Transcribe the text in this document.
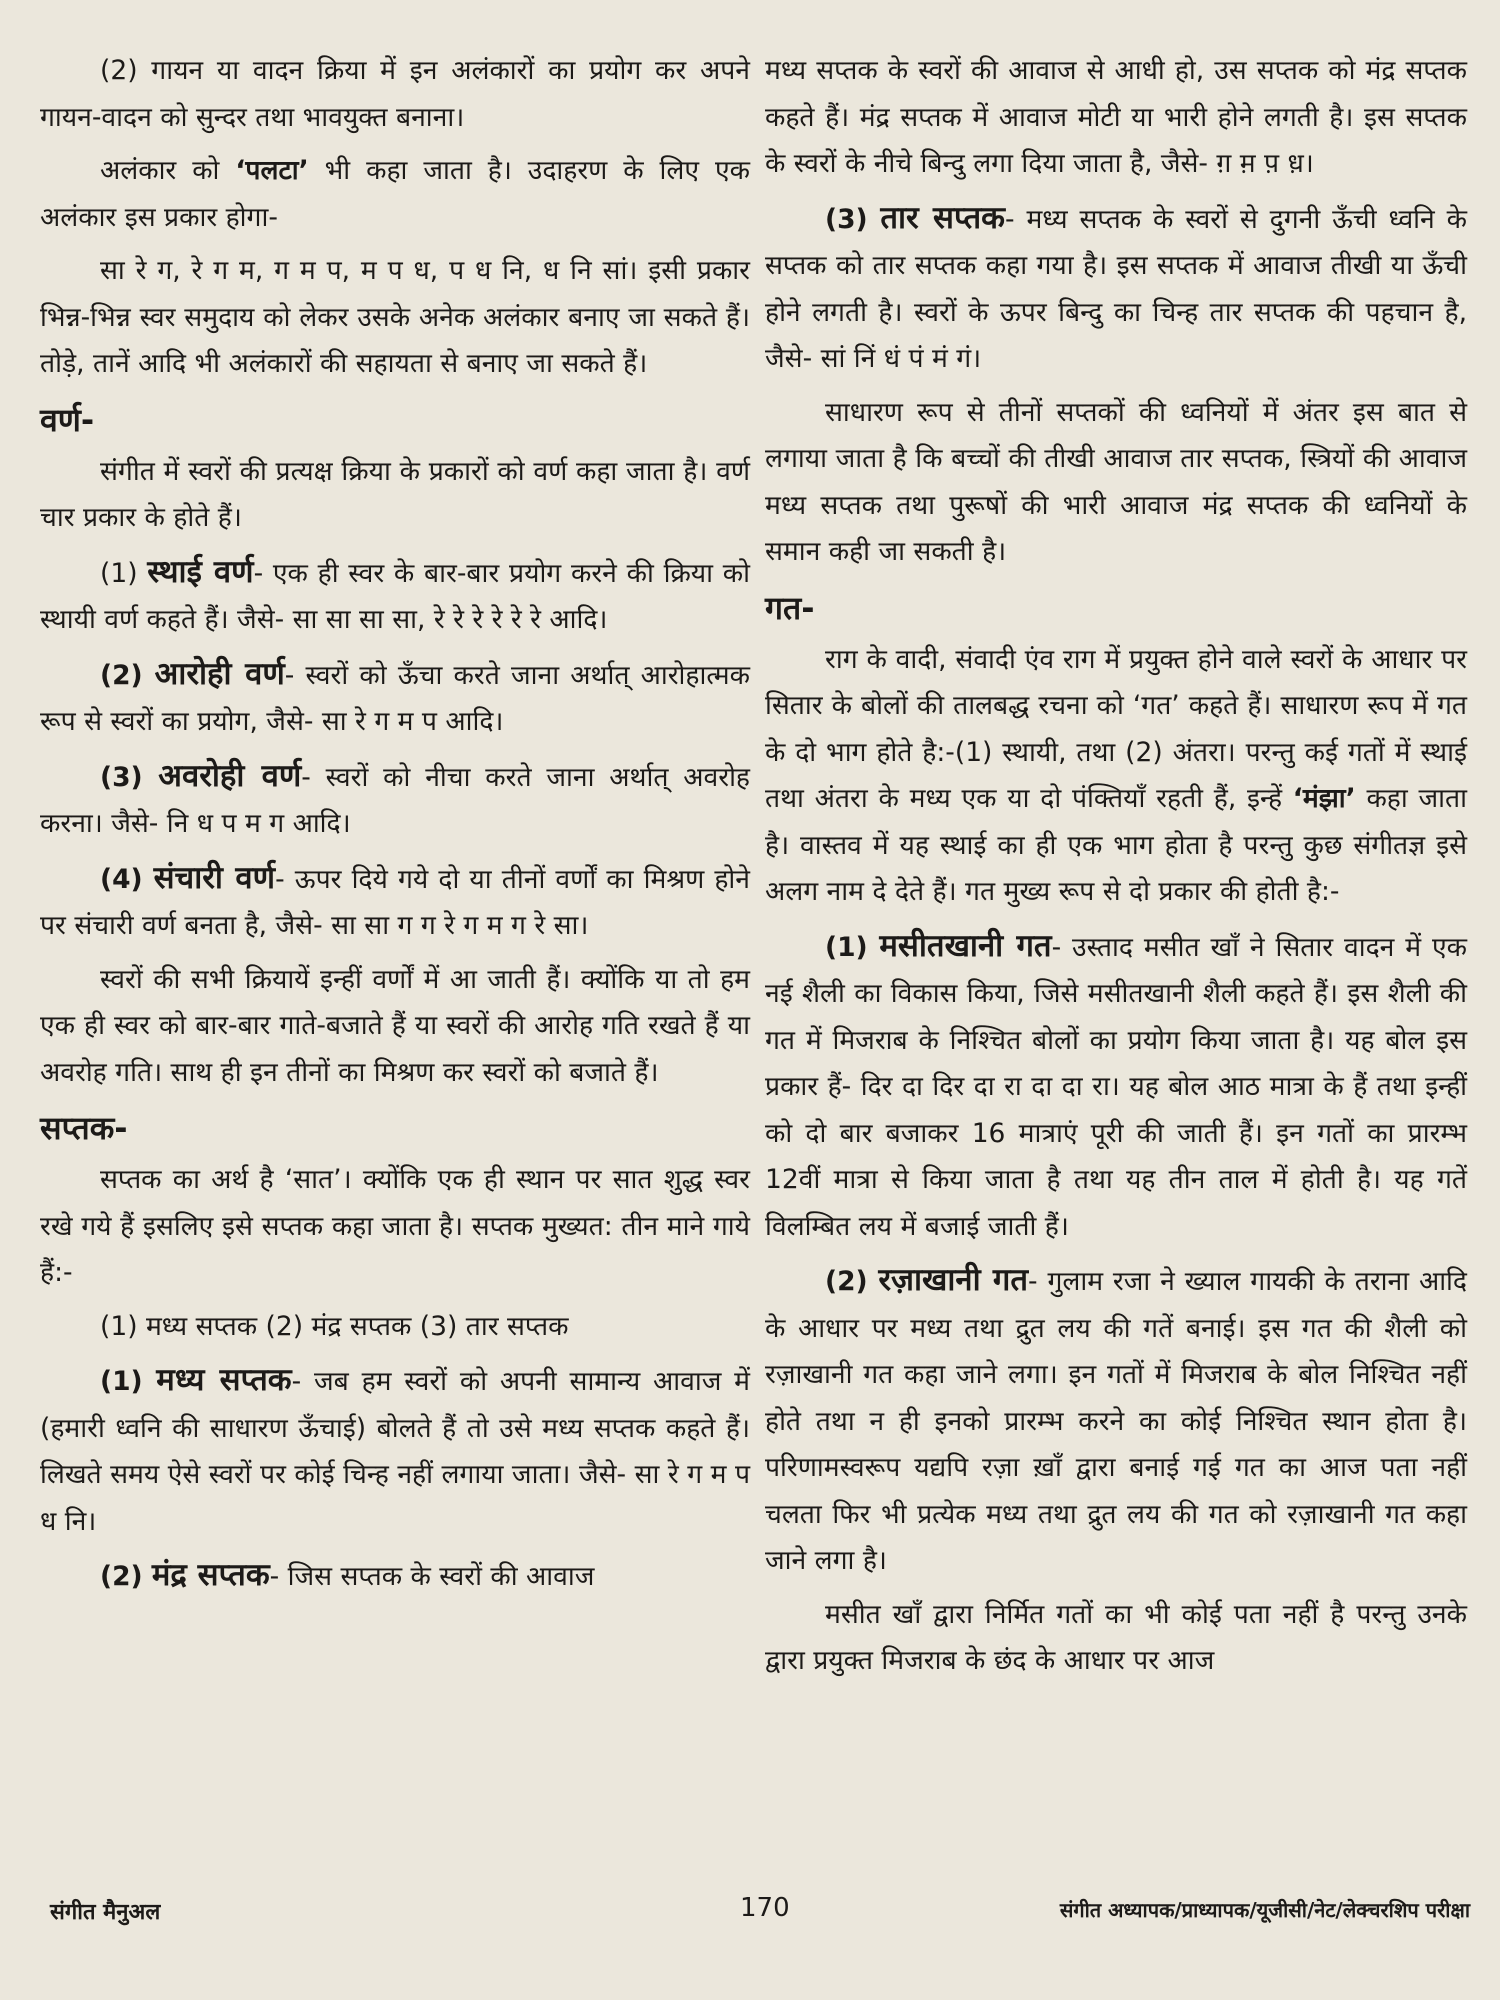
(2) गायन या वादन क्रिया में इन अलंकारों का प्रयोग कर अपने गायन-वादन को सुन्दर तथा भावयुक्त बनाना।

अलंकार को ‘पलटा’ भी कहा जाता है। उदाहरण के लिए एक अलंकार इस प्रकार होगा-

सा रे ग, रे ग म, ग म प, म प ध, प ध नि, ध नि सां। इसी प्रकार भिन्न-भिन्न स्वर समुदाय को लेकर उसके अनेक अलंकार बनाए जा सकते हैं। तोड़े, तानें आदि भी अलंकारों की सहायता से बनाए जा सकते हैं।

वर्ण-

संगीत में स्वरों की प्रत्यक्ष क्रिया के प्रकारों को वर्ण कहा जाता है। वर्ण चार प्रकार के होते हैं।

(1) स्थाई वर्ण- एक ही स्वर के बार-बार प्रयोग करने की क्रिया को स्थायी वर्ण कहते हैं। जैसे- सा सा सा सा, रे रे रे रे रे रे आदि।

(2) आरोही वर्ण- स्वरों को ऊँचा करते जाना अर्थात् आरोहात्मक रूप से स्वरों का प्रयोग, जैसे- सा रे ग म प आदि।

(3) अवरोही वर्ण- स्वरों को नीचा करते जाना अर्थात् अवरोह करना। जैसे- नि ध प म ग आदि।

(4) संचारी वर्ण- ऊपर दिये गये दो या तीनों वर्णों का मिश्रण होने पर संचारी वर्ण बनता है, जैसे- सा सा ग ग रे ग म ग रे सा।

स्वरों की सभी क्रियायें इन्हीं वर्णों में आ जाती हैं। क्योंकि या तो हम एक ही स्वर को बार-बार गाते-बजाते हैं या स्वरों की आरोह गति रखते हैं या अवरोह गति। साथ ही इन तीनों का मिश्रण कर स्वरों को बजाते हैं।

सप्तक-

सप्तक का अर्थ है ‘सात’। क्योंकि एक ही स्थान पर सात शुद्ध स्वर रखे गये हैं इसलिए इसे सप्तक कहा जाता है। सप्तक मुख्यत: तीन माने गाये हैं:-

(1) मध्य सप्तक (2) मंद्र सप्तक (3) तार सप्तक

(1) मध्य सप्तक- जब हम स्वरों को अपनी सामान्य आवाज में (हमारी ध्वनि की साधारण ऊँचाई) बोलते हैं तो उसे मध्य सप्तक कहते हैं। लिखते समय ऐसे स्वरों पर कोई चिन्ह नहीं लगाया जाता। जैसे- सा रे ग म प ध नि।

(2) मंद्र सप्तक- जिस सप्तक के स्वरों की आवाज

मध्य सप्तक के स्वरों की आवाज से आधी हो, उस सप्तक को मंद्र सप्तक कहते हैं। मंद्र सप्तक में आवाज मोटी या भारी होने लगती है। इस सप्तक के स्वरों के नीचे बिन्दु लगा दिया जाता है, जैसे- ग़ म़ प़ ध़।

(3) तार सप्तक- मध्य सप्तक के स्वरों से दुगनी ऊँची ध्वनि के सप्तक को तार सप्तक कहा गया है। इस सप्तक में आवाज तीखी या ऊँची होने लगती है। स्वरों के ऊपर बिन्दु का चिन्ह तार सप्तक की पहचान है, जैसे- सां निं धं पं मं गं।

साधारण रूप से तीनों सप्तकों की ध्वनियों में अंतर इस बात से लगाया जाता है कि बच्चों की तीखी आवाज तार सप्तक, स्त्रियों की आवाज मध्य सप्तक तथा पुरूषों की भारी आवाज मंद्र सप्तक की ध्वनियों के समान कही जा सकती है।

गत-

राग के वादी, संवादी एंव राग में प्रयुक्त होने वाले स्वरों के आधार पर सितार के बोलों की तालबद्ध रचना को ‘गत’ कहते हैं। साधारण रूप में गत के दो भाग होते है:-(1) स्थायी, तथा (2) अंतरा। परन्तु कई गतों में स्थाई तथा अंतरा के मध्य एक या दो पंक्तियाँ रहती हैं, इन्हें ‘मंझा’ कहा जाता है। वास्तव में यह स्थाई का ही एक भाग होता है परन्तु कुछ संगीतज्ञ इसे अलग नाम दे देते हैं। गत मुख्य रूप से दो प्रकार की होती है:-

(1) मसीतखानी गत- उस्ताद मसीत खाँ ने सितार वादन में एक नई शैली का विकास किया, जिसे मसीतखानी शैली कहते हैं। इस शैली की गत में मिजराब के निश्चित बोलों का प्रयोग किया जाता है। यह बोल इस प्रकार हैं- दिर दा दिर दा रा दा दा रा। यह बोल आठ मात्रा के हैं तथा इन्हीं को दो बार बजाकर 16 मात्राएं पूरी की जाती हैं। इन गतों का प्रारम्भ 12वीं मात्रा से किया जाता है तथा यह तीन ताल में होती है। यह गतें विलम्बित लय में बजाई जाती हैं।

(2) रज़ाखानी गत- गुलाम रजा ने ख्याल गायकी के तराना आदि के आधार पर मध्य तथा द्रुत लय की गतें बनाई। इस गत की शैली को रज़ाखानी गत कहा जाने लगा। इन गतों में मिजराब के बोल निश्चित नहीं होते तथा न ही इनको प्रारम्भ करने का कोई निश्चित स्थान होता है। परिणामस्वरूप यद्यपि रज़ा ख़ाँ द्वारा बनाई गई गत का आज पता नहीं चलता फिर भी प्रत्येक मध्य तथा द्रुत लय की गत को रज़ाखानी गत कहा जाने लगा है।

मसीत खाँ द्वारा निर्मित गतों का भी कोई पता नहीं है परन्तु उनके द्वारा प्रयुक्त मिजराब के छंद के आधार पर आज

संगीत मैनुअल	170	संगीत अध्यापक/प्राध्यापक/यूजीसी/नेट/लेक्चरशिप परीक्षा
